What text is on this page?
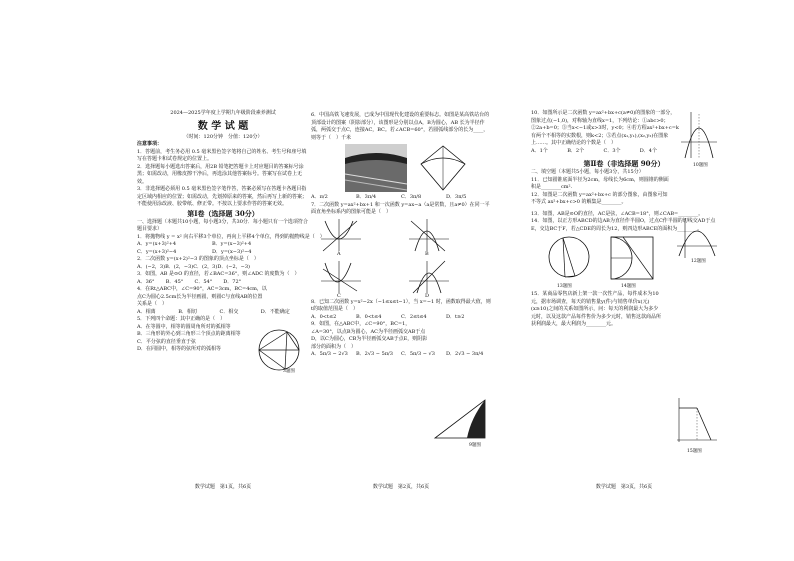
2024—2025学年度上学期九年级阶段素养测试
数 学 试 题
（时间：120分钟　分值：120分）
注意事项：
1．答题前，考生务必用 0.5 毫米黑色签字笔将自己的姓名、考生号和座号填写在答题卡和试卷规定的位置上。
2．选择题每小题选出答案后，用2B 铅笔把答题卡上对应题目的答案标号涂黑；如需改动，用橡皮擦干净后，再选涂其他答案标号。答案写在试卷上无效。
3．非选择题必须用 0.5 毫米黑色签字笔作答，答案必须写在答题卡各题目指定区域内相应的位置；如需改动，先划掉原来的答案，然后再写上新的答案；不能使用涂改液、胶带纸、修正带。不按以上要求作答的答案无效。
第Ⅰ卷（选择题 30分）
一、选择题（本题共10小题，每小题3分，共30分．每小题只有一个选项符合题目要求）
1．将抛物线 y = x² 向右平移3个单位，再向上平移4个单位，得到的抛物线是（　）
A．y=(x+3)²+4	B．y=(x−3)²+4
C．y=(x+3)²−4	D．y=(x−3)²−4
2．二次函数 y=(x+2)²−3 的图象的顶点坐标是（　）
A．(−2，3) B．(2，−3) C．(2，3) D．(−2，−3)
3．如图，AB 是⊙O 的直径，若∠BAC=36°，则∠ADC 的度数为（　）
A．36°	B．45°	C．54°	D．72°
4．在Rt△ABC中，∠C=90°，AC=3cm，BC=4cm，以点C为圆心2.5cm长为半径画圆，则圆C与直线AB的位置关系是（　）
A．相离	B．相切	C．相交	D．不能确定
5．下列四个命题：其中正确的是（　）
A．在等圆中，相等的圆周角所对的弧相等
B．三角形的外心到三角形三个顶点的距离相等
C．平分弦的直径垂直于弦
D．在同圆中，相等的弦所对的弧相等
3题图
数学试题　第1页，共6页
6．中国高铁飞速发展，已成为中国现代化建设的重要标志。如图是某高铁站台的顶部设计的图案（阴影部分），该图形是分别以点A，B为圆心，AB 长为半径作弧，两弧交于点C，连接AC，BC。若∠ACB=60°，若圆弧线部分的长为____，则等于（　）千米
A．π/2	B．3π/4	C．3π/8	D．3π/5
7．二次函数 y=ax²+bx+1 和一次函数 y=ax−a（a是常数，且a≠0）在同一平面直角坐标系内的图象可能是（　）
A	B
C	D
8．已知二次函数 y=x²−2x（−1≤x≤t−1），当 x=−1 时，函数取得最大值，则t的取值范围是（　）
A．0<t≤2	B．0<t≤4	C．2≤t≤4	D．t≥2
9．如图，在△ABC中，∠C=90°，BC=1，∠A=30°，以点B为圆心，AC为半径画弧交AB于点D，以C为圆心，CB为半径画弧交AB于点E，则阴影部分的面积为（　）
A．5π/3 − 2√3	B．2√3 − 5π/3	C．5π/3 − √3	D．2√3 − 3π/4
9题图
数学试题　第2页，共6页
10．如图所示是二次函数 y=ax²+bx+c(a≠0)的图象的一部分，图象过点(−1,0)，对称轴为直线x=1，下列结论：①abc>0；②2a+b=0；③当x<−1或x>3时，y<0；④若方程ax²+bx+c=k有两个不相等的实数根，则k<2；⑤若点(x₁,y₁),(x₂,y₂)在图象上……。其中正确结论的个数是（　）
A．1个	B．2个	C．3个	D．4个
10题图
第Ⅱ卷（非选择题 90分）
二、填空题（本题共5小题，每小题3分，共15分）
11．已知圆锥底面半径为2cm，母线长为6cm，则圆锥的侧面积是________cm².
12．如图是二次函数 y=ax²+bx+c 的部分图象，由图象可知不等式 ax²+bx+c>0 的解集是________。
12题图
13．如图，AB是⊙O的直径，AC是弦，∠ACB=18°，则∠CAB=________。
14．如图，以正方形ABCD的边AB为直径作半圆O，过点C作半圆的切线交AD于点E，交边BC于F，若△CDE的周长为12，则四边形ABCE的面积为________。
13题图	14题图
15．某商品零售店新上架一款一次性产品，每件成本为10元，据市场调查，每天的销售量y(件)与销售单价x(元)(x≥10)之间的关系如图所示，问：每天的利润最大为多少元时，以及这款产品每件售价为多少元时，销售这款商品所获利润最大，最大利润为________元。
15题图
数学试题　第3页，共6页
